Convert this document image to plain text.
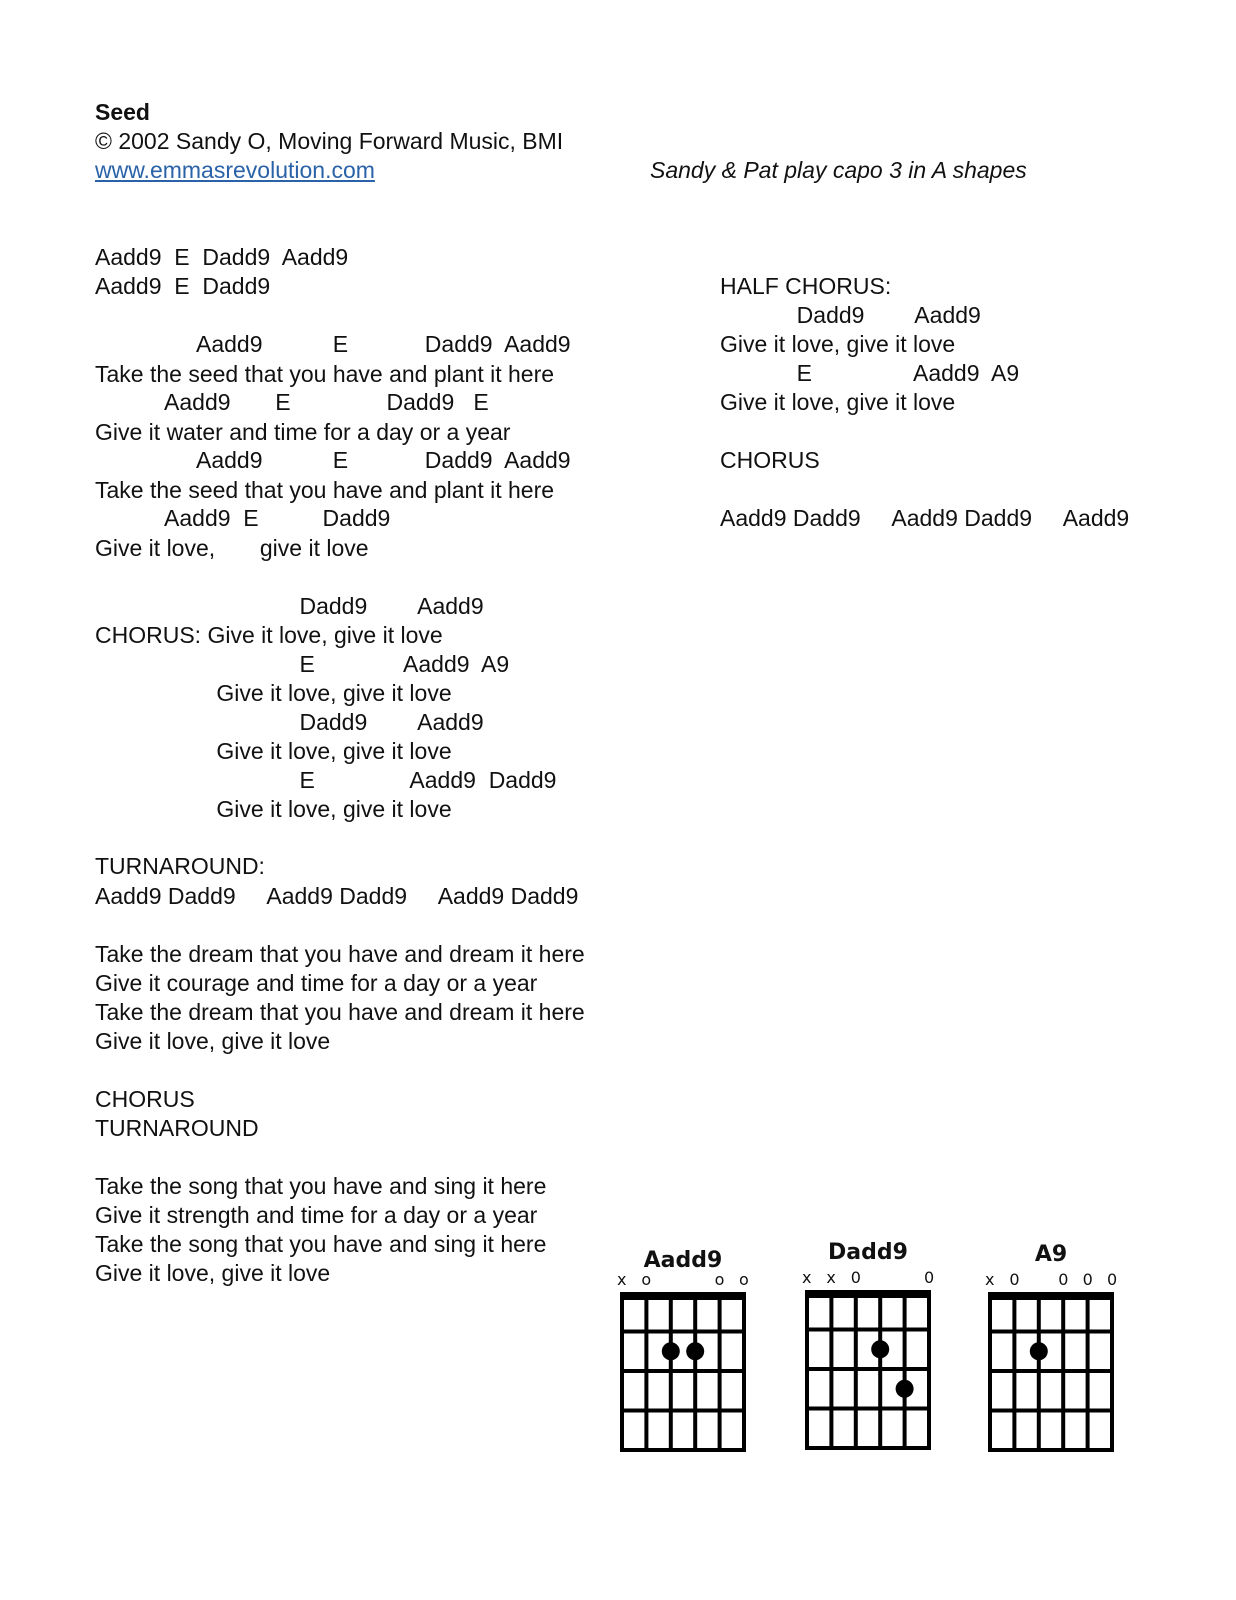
Seed
© 2002 Sandy O, Moving Forward Music, BMI
www.emmasrevolution.com	Sandy & Pat play capo 3 in A shapes
Aadd9  E  Dadd9  Aadd9
Aadd9  E  Dadd9
Aadd9           E            Dadd9  Aadd9
Take the seed that you have and plant it here
Aadd9       E               Dadd9   E
Give it water and time for a day or a year
Aadd9           E            Dadd9  Aadd9
Take the seed that you have and plant it here
Aadd9  E          Dadd9
Give it love,       give it love
Dadd9        Aadd9
CHORUS: Give it love, give it love
E              Aadd9  A9
Give it love, give it love
Dadd9        Aadd9
Give it love, give it love
E               Aadd9  Dadd9
Give it love, give it love
TURNAROUND:
Aadd9 Dadd9     Aadd9 Dadd9     Aadd9 Dadd9
Take the dream that you have and dream it here
Give it courage and time for a day or a year
Take the dream that you have and dream it here
Give it love, give it love
CHORUS
TURNAROUND
Take the song that you have and sing it here
Give it strength and time for a day or a year
Take the song that you have and sing it here
Give it love, give it love
HALF CHORUS:
Dadd9        Aadd9
Give it love, give it love
E                Aadd9  A9
Give it love, give it love
CHORUS
Aadd9 Dadd9     Aadd9 Dadd9     Aadd9
Aadd9
x o	o o
Dadd9
x x 0	0
A9
x 0 0 0 0
